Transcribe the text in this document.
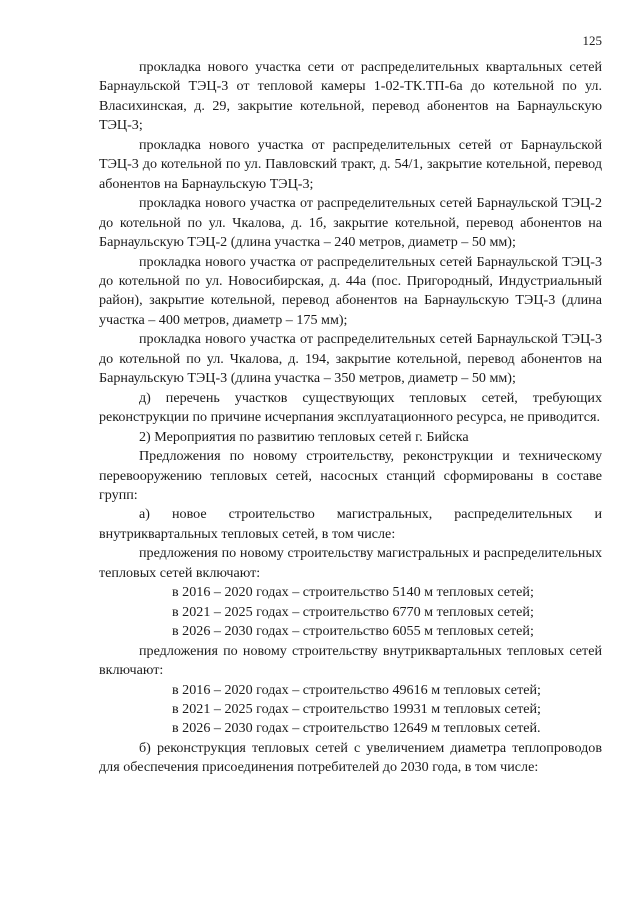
125

прокладка нового участка сети от распределительных квартальных сетей Барнаульской ТЭЦ-3 от тепловой камеры 1-02-ТК.ТП-6а до котельной по ул. Власихинская, д. 29, закрытие котельной, перевод абонентов на Барнаульскую ТЭЦ-3;

прокладка нового участка от распределительных сетей от Барнаульской ТЭЦ-3 до котельной по ул. Павловский тракт, д. 54/1, закрытие котельной, перевод абонентов на Барнаульскую ТЭЦ-3;

прокладка нового участка от распределительных сетей Барнаульской ТЭЦ-2 до котельной по ул. Чкалова, д. 1б, закрытие котельной, перевод абонентов на Барнаульскую ТЭЦ-2 (длина участка – 240 метров, диаметр – 50 мм);

прокладка нового участка от распределительных сетей Барнаульской ТЭЦ-3 до котельной по ул. Новосибирская, д. 44а (пос. Пригородный, Индустриальный район), закрытие котельной, перевод абонентов на Барнаульскую ТЭЦ-3 (длина участка – 400 метров, диаметр – 175 мм);

прокладка нового участка от распределительных сетей Барнаульской ТЭЦ-3 до котельной по ул. Чкалова, д. 194, закрытие котельной, перевод абонентов на Барнаульскую ТЭЦ-3 (длина участка – 350 метров, диаметр – 50 мм);

д) перечень участков существующих тепловых сетей, требующих реконструкции по причине исчерпания эксплуатационного ресурса, не приводится.

2) Мероприятия по развитию тепловых сетей г. Бийска

Предложения по новому строительству, реконструкции и техническому перевооружению тепловых сетей, насосных станций сформированы в составе групп:

а) новое строительство магистральных, распределительных и внутриквартальных тепловых сетей, в том числе:

предложения по новому строительству магистральных и распределительных тепловых сетей включают:

в 2016 – 2020 годах – строительство 5140 м тепловых сетей;

в 2021 – 2025 годах – строительство 6770 м тепловых сетей;

в 2026 – 2030 годах – строительство 6055 м тепловых сетей;

предложения по новому строительству внутриквартальных тепловых сетей включают:

в 2016 – 2020 годах – строительство 49616 м тепловых сетей;

в 2021 – 2025 годах – строительство 19931 м тепловых сетей;

в 2026 – 2030 годах – строительство 12649 м тепловых сетей.

б) реконструкция тепловых сетей с увеличением диаметра теплопроводов для обеспечения присоединения потребителей до 2030 года, в том числе:
